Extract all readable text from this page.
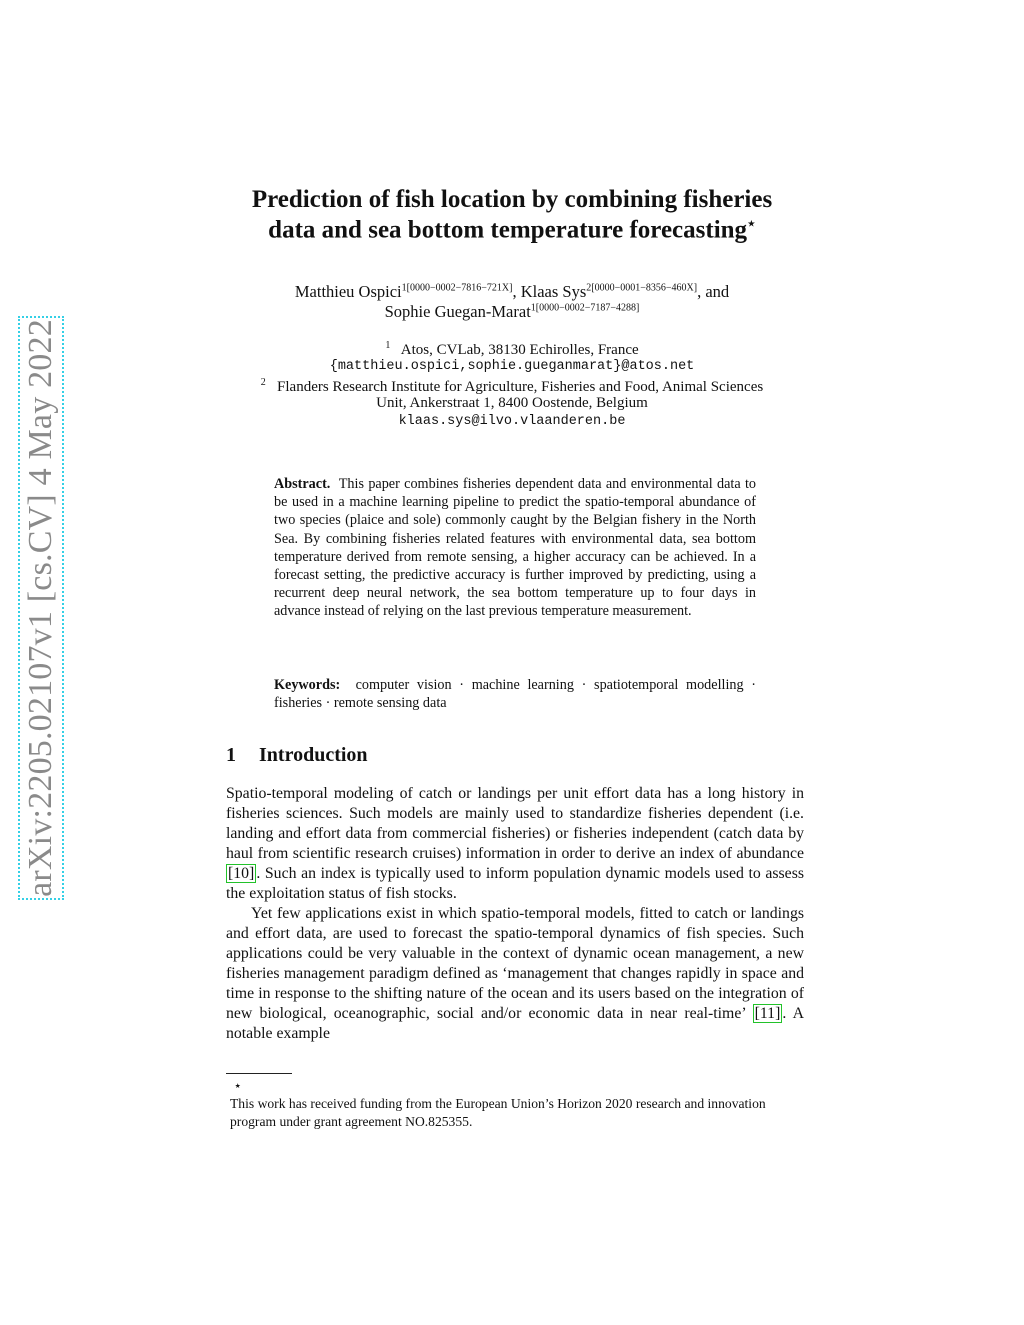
arXiv:2205.02107v1 [cs.CV] 4 May 2022
Prediction of fish location by combining fisheries
data and sea bottom temperature forecasting⋆
Matthieu Ospici$^{1[0000-0002-7816-721X]}$, Klaas Sys$^{2[0000-0001-8356-460X]}$, and
Sophie Guegan-Marat$^{1[0000-0002-7187-4288]}$
$^1$ Atos, CVLab, 38130 Echirolles, France
{matthieu.ospici,sophie.gueganmarat}@atos.net
$^2$ Flanders Research Institute for Agriculture, Fisheries and Food, Animal Sciences
Unit, Ankerstraat 1, 8400 Oostende, Belgium
klaas.sys@ilvo.vlaanderen.be
Abstract. This paper combines fisheries dependent data and environmental data to be used in a machine learning pipeline to predict the spatio-temporal abundance of two species (plaice and sole) commonly caught by the Belgian fishery in the North Sea. By combining fisheries related features with environmental data, sea bottom temperature derived from remote sensing, a higher accuracy can be achieved. In a forecast setting, the predictive accuracy is further improved by predicting, using a recurrent deep neural network, the sea bottom temperature up to four days in advance instead of relying on the last previous temperature measurement.
Keywords: computer vision · machine learning · spatiotemporal modelling · fisheries · remote sensing data
1 Introduction

Spatio-temporal modeling of catch or landings per unit effort data has a long history in fisheries sciences. Such models are mainly used to standardize fisheries dependent (i.e. landing and effort data from commercial fisheries) or fisheries independent (catch data by haul from scientific research cruises) information in order to derive an index of abundance [10] . Such an index is typically used to inform population dynamic models used to assess the exploitation status of fish stocks.

Yet few applications exist in which spatio-temporal models, fitted to catch or landings and effort data, are used to forecast the spatio-temporal dynamics of fish species. Such applications could be very valuable in the context of dynamic ocean management, a new fisheries management paradigm defined as ‘management that changes rapidly in space and time in response to the shifting nature of the ocean and its users based on the integration of new biological, oceanographic, social and/or economic data in near real-time’ [11] . A notable example

⋆This work has received funding from the European Union’s Horizon 2020 research and innovation program under grant agreement NO.825355.
